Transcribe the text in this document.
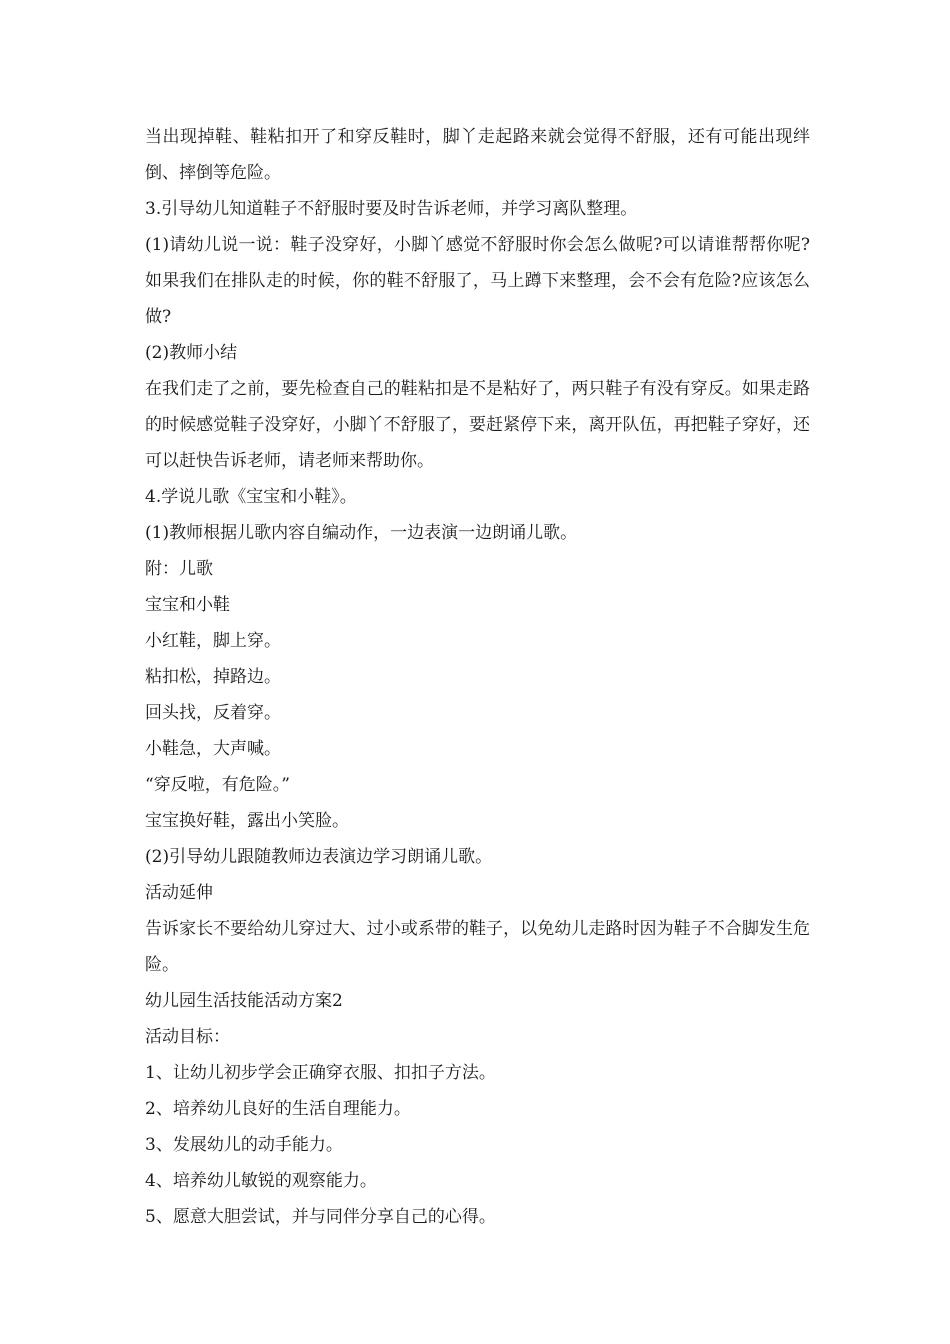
当出现掉鞋、鞋粘扣开了和穿反鞋时，脚丫走起路来就会觉得不舒服，还有可能出现绊倒、摔倒等危险。

3.引导幼儿知道鞋子不舒服时要及时告诉老师，并学习离队整理。

(1)请幼儿说一说：鞋子没穿好，小脚丫感觉不舒服时你会怎么做呢?可以请谁帮帮你呢?如果我们在排队走的时候，你的鞋不舒服了，马上蹲下来整理，会不会有危险?应该怎么做?

(2)教师小结

在我们走了之前，要先检查自己的鞋粘扣是不是粘好了，两只鞋子有没有穿反。如果走路的时候感觉鞋子没穿好，小脚丫不舒服了，要赶紧停下来，离开队伍，再把鞋子穿好，还可以赶快告诉老师，请老师来帮助你。

4.学说儿歌《宝宝和小鞋》。

(1)教师根据儿歌内容自编动作，一边表演一边朗诵儿歌。

附：儿歌

宝宝和小鞋

小红鞋，脚上穿。

粘扣松，掉路边。

回头找，反着穿。

小鞋急，大声喊。

“穿反啦，有危险。”

宝宝换好鞋，露出小笑脸。

(2)引导幼儿跟随教师边表演边学习朗诵儿歌。

活动延伸

告诉家长不要给幼儿穿过大、过小或系带的鞋子，以免幼儿走路时因为鞋子不合脚发生危险。

幼儿园生活技能活动方案2

活动目标：

1、让幼儿初步学会正确穿衣服、扣扣子方法。

2、培养幼儿良好的生活自理能力。

3、发展幼儿的动手能力。

4、培养幼儿敏锐的观察能力。

5、愿意大胆尝试，并与同伴分享自己的心得。
